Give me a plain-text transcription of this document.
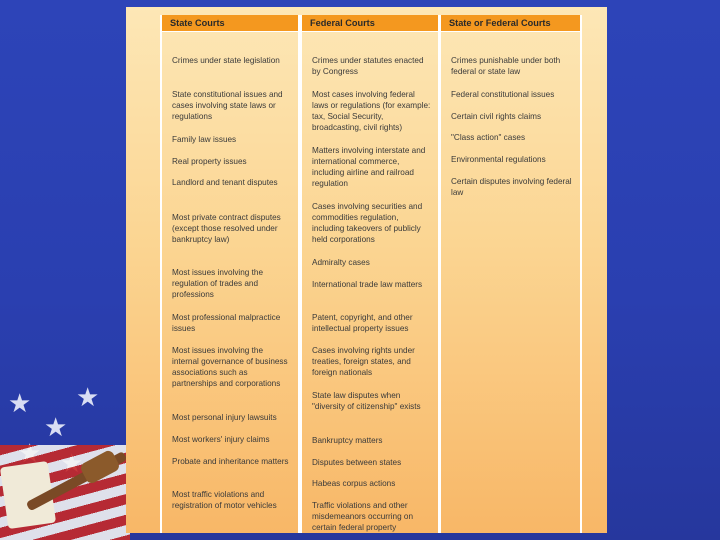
★
★
★
State Courts
Crimes under state legislation
State constitutional issues and cases involving state laws or regulations
Family law issues
Real property issues
Landlord and tenant disputes
Most private contract disputes (except those resolved under bankruptcy law)
Most issues involving the regulation of trades and professions
Most professional malpractice issues
Most issues involving the internal governance of business associations such as partnerships and corporations
Most personal injury lawsuits
Most workers' injury claims
Probate and inheritance matters
Most traffic violations and registration of motor vehicles
Federal Courts
Crimes under statutes enacted by Congress
Most cases involving federal laws or regulations (for example: tax, Social Security, broadcasting, civil rights)
Matters involving interstate and international commerce, including airline and railroad regulation
Cases involving securities and commodities regulation, including takeovers of publicly held corporations
Admiralty cases
International trade law matters
Patent, copyright, and other intellectual property issues
Cases involving rights under treaties, foreign states, and foreign nationals
State law disputes when "diversity of citizenship" exists
Bankruptcy matters
Disputes between states
Habeas corpus actions
Traffic violations and other misdemeanors occurring on certain federal property
State or Federal Courts
Crimes punishable under both federal or state law
Federal constitutional issues
Certain civil rights claims
"Class action" cases
Environmental regulations
Certain disputes involving federal law
